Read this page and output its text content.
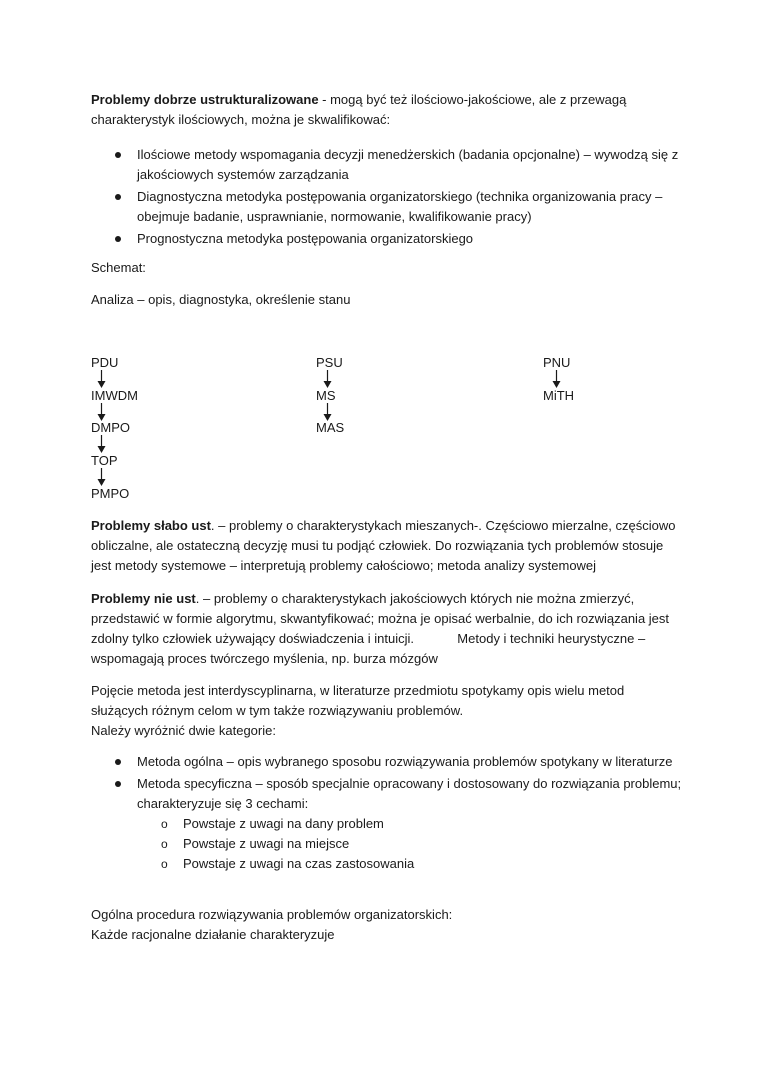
Problemy dobrze ustrukturalizowane - mogą być też ilościowo-jakościowe, ale z przewagą charakterystyk ilościowych, można je skwalifikować:
Ilościowe metody wspomagania decyzji menedżerskich (badania opcjonalne) – wywodzą się z jakościowych systemów zarządzania
Diagnostyczna metodyka postępowania organizatorskiego (technika organizowania pracy – obejmuje badanie, usprawnianie, normowanie, kwalifikowanie pracy)
Prognostyczna metodyka postępowania organizatorskiego
Schemat:
Analiza – opis, diagnostyka, określenie stanu
PDU
IMWDM
DMPO
TOP
PMPO
PSU
MS
MAS
PNU
MiTH
Problemy słabo ust. – problemy o charakterystykach mieszanych-. Częściowo mierzalne, częściowo obliczalne, ale ostateczną decyzję musi tu podjąć człowiek. Do rozwiązania tych problemów stosuje jest metody systemowe – interpretują problemy całościowo; metoda analizy systemowej
Problemy nie ust. – problemy o charakterystykach jakościowych których nie można zmierzyć, przedstawić w formie algorytmu, skwantyfikować; można je opisać werbalnie, do ich rozwiązania jest zdolny tylko człowiek używający doświadczenia i intuicji.            Metody i techniki heurystyczne – wspomagają proces twórczego myślenia, np. burza mózgów
Pojęcie metoda jest interdyscyplinarna, w literaturze przedmiotu spotykamy opis wielu metod służących różnym celom w tym także rozwiązywaniu problemów.
Należy wyróżnić dwie kategorie:
Metoda ogólna – opis wybranego sposobu rozwiązywania problemów spotykany w literaturze
Metoda specyficzna – sposób specjalnie opracowany i dostosowany do rozwiązania problemu; charakteryzuje się 3 cechami:
o Powstaje z uwagi na dany problem
o Powstaje z uwagi na miejsce
o Powstaje z uwagi na czas zastosowania
Ogólna procedura rozwiązywania problemów organizatorskich:
Każde racjonalne działanie charakteryzuje
